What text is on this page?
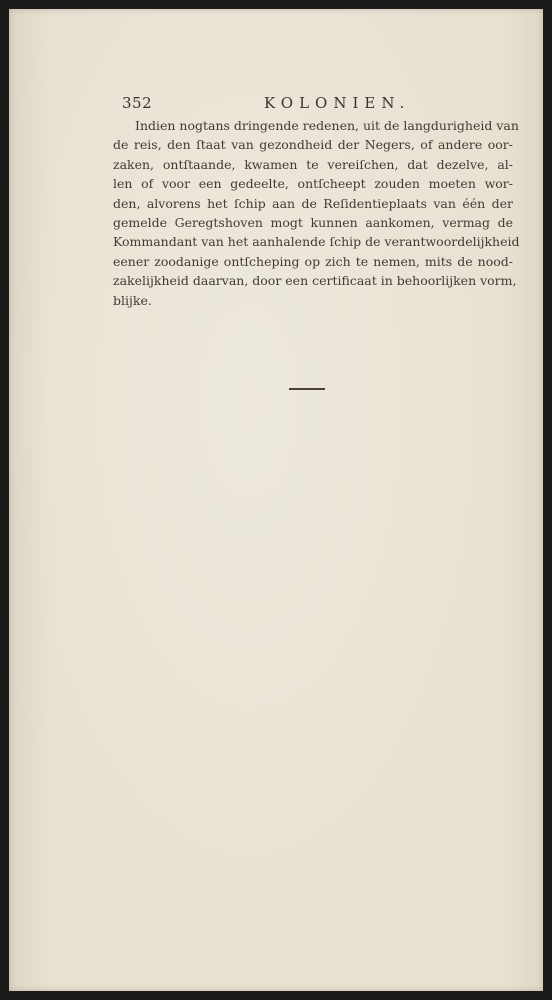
352	KOLONIEN.

Indien nogtans dringende redenen, uit de langdurigheid van
de reis, den ſtaat van gezondheid der Negers, of andere oor-
zaken, ontſtaande, kwamen te vereiſchen, dat dezelve, al-
len of voor een gedeelte, ontſcheept zouden moeten wor-
den, alvorens het ſchip aan de Reſidentieplaats van één der
gemelde Geregtshoven mogt kunnen aankomen, vermag de
Kommandant van het aanhalende ſchip de verantwoordelijkheid
eener zoodanige ontſcheping op zich te nemen, mits de nood-
zakelijkheid daarvan, door een certificaat in behoorlijken vorm,
blijke.
